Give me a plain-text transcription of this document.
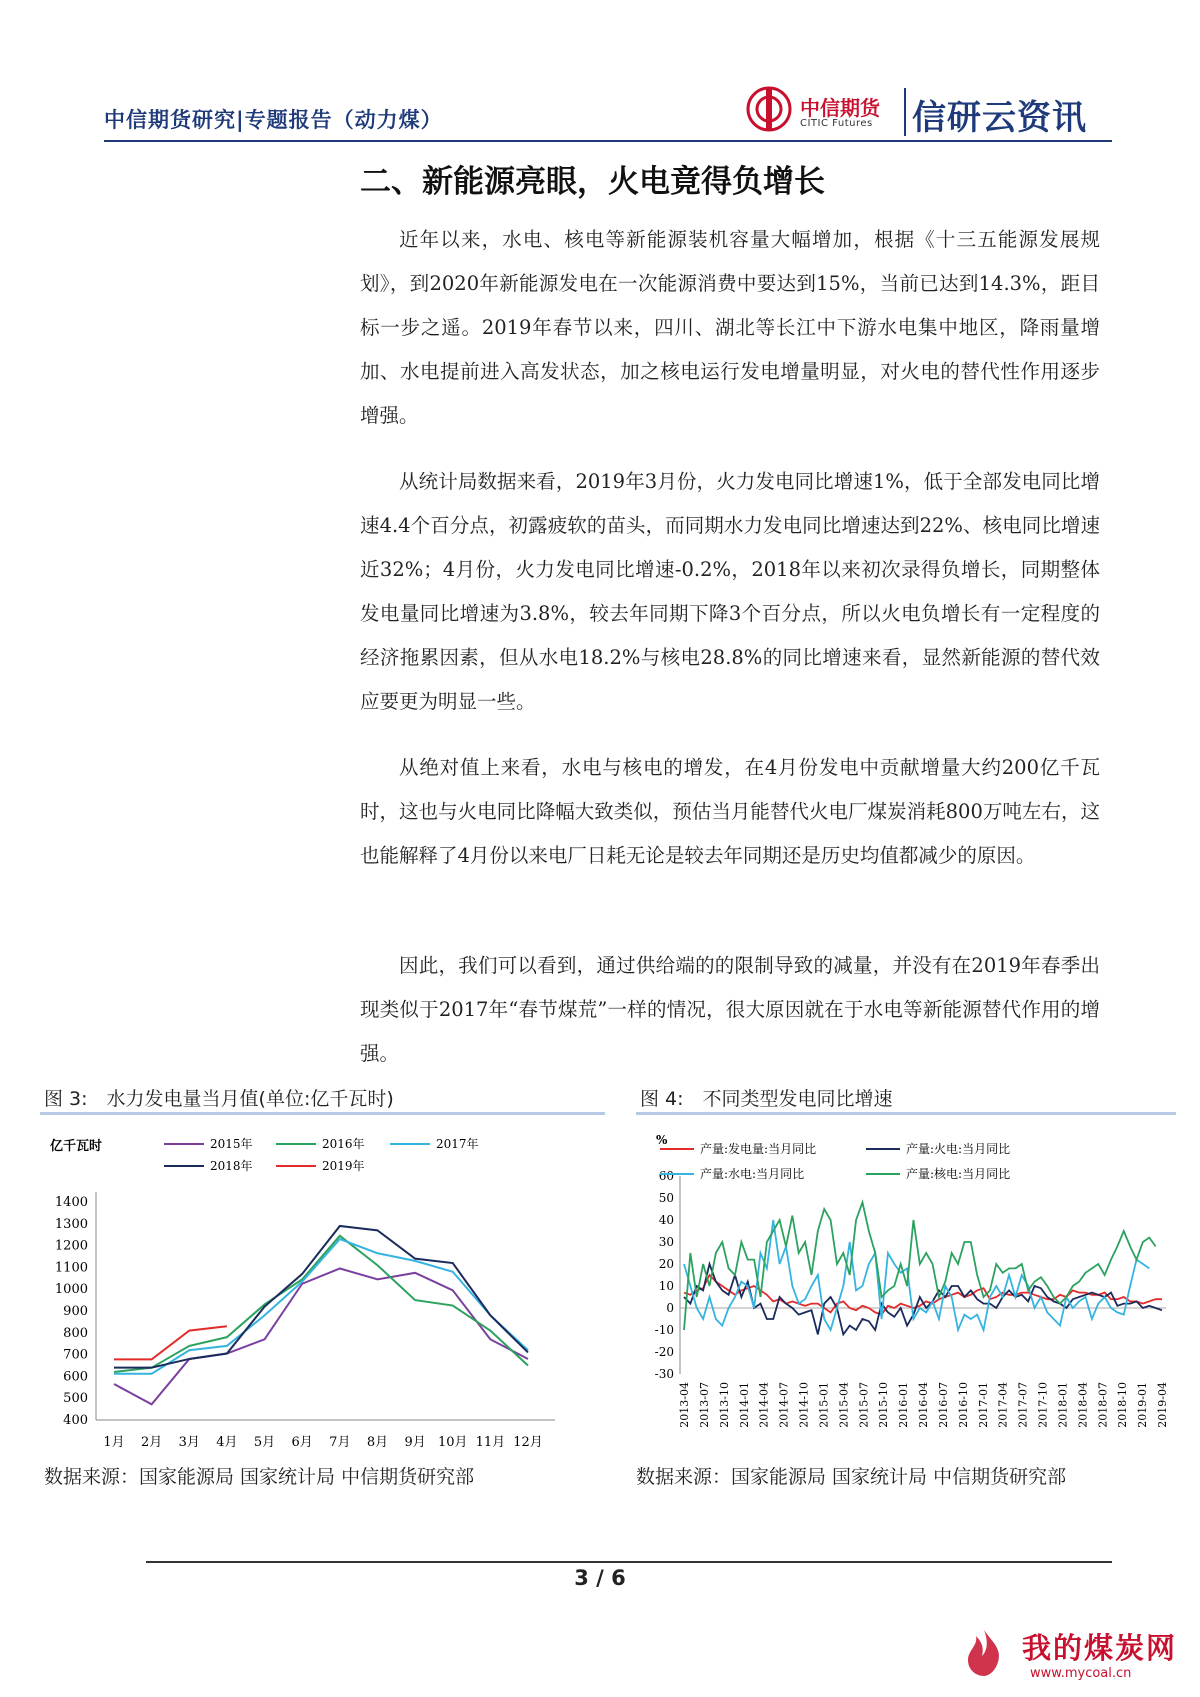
中信期货研究|专题报告（动力煤）	中信期货
CITIC Futures 信研云资讯
二、新能源亮眼，火电竟得负增长
近年以来，水电、核电等新能源装机容量大幅增加，根据《十三五能源发展规划》，到2020年新能源发电在一次能源消费中要达到15%，当前已达到14.3%，距目标一步之遥。2019年春节以来，四川、湖北等长江中下游水电集中地区，降雨量增加、水电提前进入高发状态，加之核电运行发电增量明显，对火电的替代性作用逐步增强。
从统计局数据来看，2019年3月份，火力发电同比增速1%，低于全部发电同比增速4.4个百分点，初露疲软的苗头，而同期水力发电同比增速达到22%、核电同比增速近32%；4月份，火力发电同比增速-0.2%，2018年以来初次录得负增长，同期整体发电量同比增速为3.8%，较去年同期下降3个百分点，所以火电负增长有一定程度的经济拖累因素，但从水电18.2%与核电28.8%的同比增速来看，显然新能源的替代效应要更为明显一些。
从绝对值上来看，水电与核电的增发，在4月份发电中贡献增量大约200亿千瓦时，这也与火电同比降幅大致类似，预估当月能替代火电厂煤炭消耗800万吨左右，这也能解释了4月份以来电厂日耗无论是较去年同期还是历史均值都减少的原因。
因此，我们可以看到，通过供给端的的限制导致的减量，并没有在2019年春季出现类似于2017年“春节煤荒”一样的情况，很大原因就在于水电等新能源替代作用的增强。
图 3:　水力发电量当月值(单位:亿千瓦时)	图 4:　不同类型发电同比增速
亿千瓦时
400
500
600
700
800
900
1000
1100
1200
1300
1400
1月 2月 3月 4月 5月 6月 7月 8月 9月 10月 11月 12月
2015年	2016年	2017年
2018年	2019年
%
-30
-20
-10
0
10
20
30
40
50
60
2013-04 2013-07 2013-10 2014-01 2014-04 2014-07 2014-10 2015-01 2015-04 2015-07 2015-10 2016-01 2016-04 2016-07 2016-10 2017-01 2017-04 2017-07 2017-10 2018-01 2018-04 2018-07 2018-10 2019-01 2019-04
产量:发电量:当月同比	产量:火电:当月同比
产量:水电:当月同比	产量:核电:当月同比
数据来源：国家能源局 国家统计局 中信期货研究部	数据来源：国家能源局 国家统计局 中信期货研究部
3 / 6
我的煤炭网
www.mycoal.cn
